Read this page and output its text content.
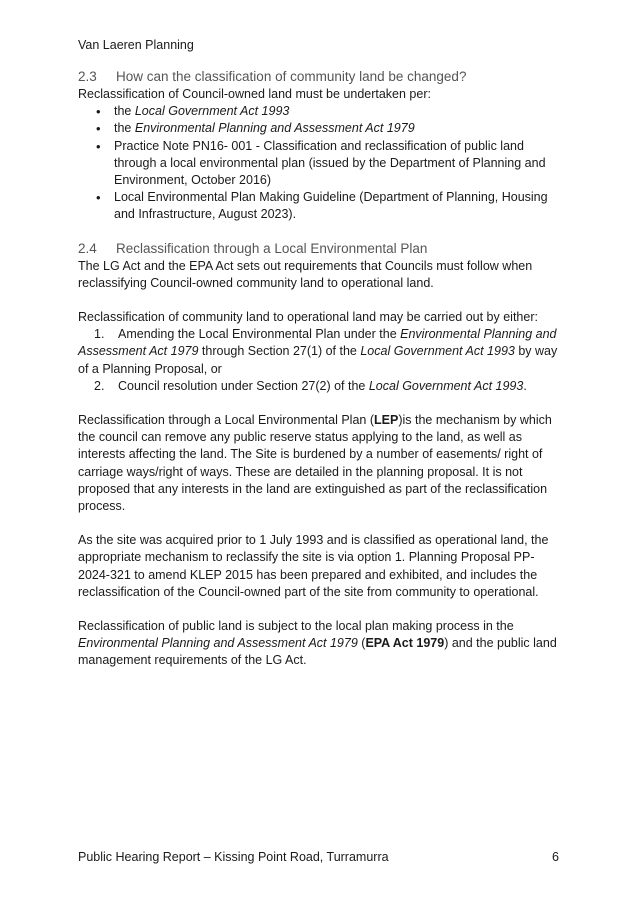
Van Laeren Planning
2.3 How can the classification of community land be changed?

Reclassification of Council-owned land must be undertaken per:

• the Local Government Act 1993
• the Environmental Planning and Assessment Act 1979
• Practice Note PN16- 001 - Classification and reclassification of public land through a local environmental plan (issued by the Department of Planning and Environment, October 2016)
• Local Environmental Plan Making Guideline (Department of Planning, Housing and Infrastructure, August 2023).
2.4 Reclassification through a Local Environmental Plan

The LG Act and the EPA Act sets out requirements that Councils must follow when reclassifying Council-owned community land to operational land.

Reclassification of community land to operational land may be carried out by either:

1. Amending the Local Environmental Plan under the Environmental Planning and Assessment Act 1979 through Section 27(1) of the Local Government Act 1993 by way of a Planning Proposal, or

2. Council resolution under Section 27(2) of the Local Government Act 1993.

Reclassification through a Local Environmental Plan (LEP)is the mechanism by which the council can remove any public reserve status applying to the land, as well as interests affecting the land. The Site is burdened by a number of easements/ right of carriage ways/right of ways. These are detailed in the planning proposal. It is not proposed that any interests in the land are extinguished as part of the reclassification process.

As the site was acquired prior to 1 July 1993 and is classified as operational land, the appropriate mechanism to reclassify the site is via option 1. Planning Proposal PP-2024-321 to amend KLEP 2015 has been prepared and exhibited, and includes the reclassification of the Council-owned part of the site from community to operational.

Reclassification of public land is subject to the local plan making process in the Environmental Planning and Assessment Act 1979 (EPA Act 1979) and the public land management requirements of the LG Act.

Public Hearing Report – Kissing Point Road, Turramurra	6
